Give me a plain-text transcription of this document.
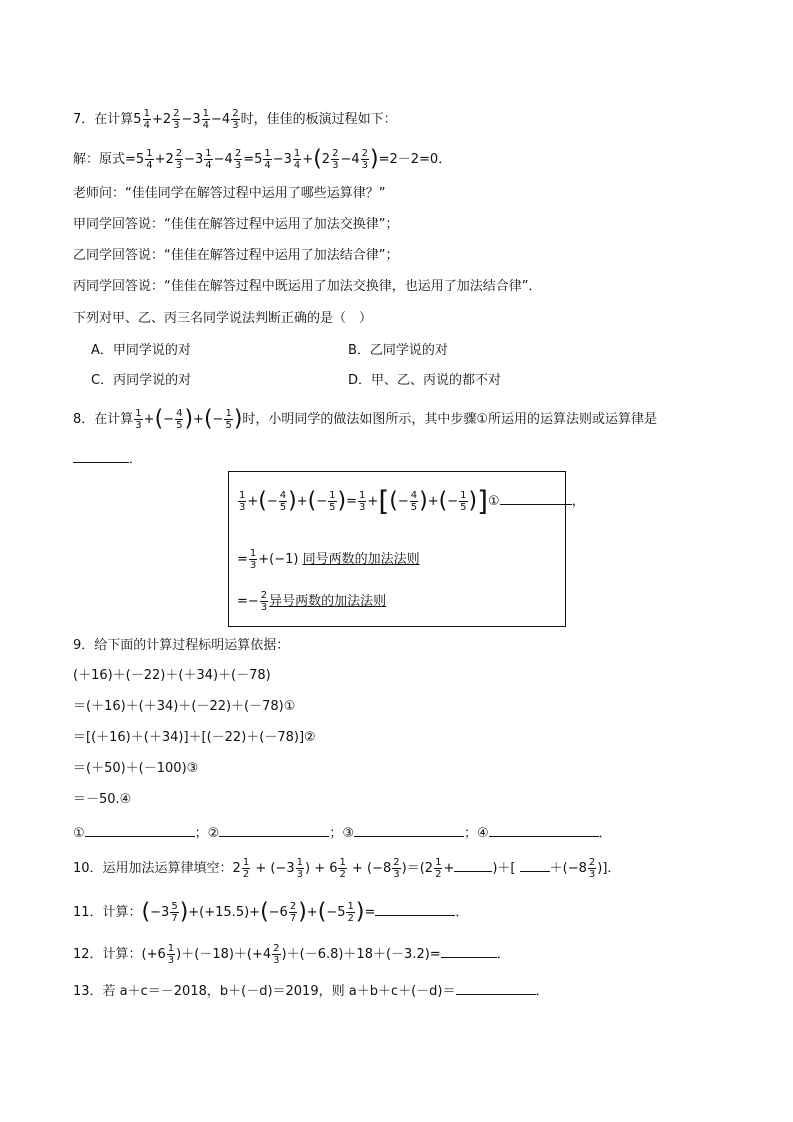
7．在计算$5 \frac{1}{4} +2 \frac{2}{3} -3 \frac{1}{4} -4 \frac{2}{3}$ 时，佳佳的板演过程如下：
解：原式$=5 \frac{1}{4} +2 \frac{2}{3} -3 \frac{1}{4} -4 \frac{2}{3} =5 \frac{1}{4} -3 \frac{1}{4} +(2 \frac{2}{3} -4 \frac{2}{3} )=2-2=0$．
老师问：“佳佳同学在解答过程中运用了哪些运算律？”
甲同学回答说：“佳佳在解答过程中运用了加法交换律”；
乙同学回答说：“佳佳在解答过程中运用了加法结合律”；
丙同学回答说：“佳佳在解答过程中既运用了加法交换律，也运用了加法结合律”．
下列对甲、乙、丙三名同学说法判断正确的是（　）
A．甲同学说的对	B．乙同学说的对
C．丙同学说的对	D．甲、乙、丙说的都不对
8．在计算 $\frac{1}{3}$ +(− $\frac{4}{5}$ )+(− $\frac{1}{5}$ )时，小明同学的做法如图所示，其中步骤①所运用的运算法则或运算律是
．
$\frac{1}{3}$ +(− $\frac{4}{5}$ )+(− $\frac{1}{5}$ )= $\frac{1}{3}$ +[(− $\frac{4}{5}$ )+(− $\frac{1}{5}$ )]①	，
= $\frac{1}{3} +(-1)$ 同号两数的加法法则
=− $\frac{2}{3}$ 异号两数的加法法则
9．给下面的计算过程标明运算依据：
(＋16)＋(－22)＋(＋34)＋(－78)
＝(＋16)＋(＋34)＋(－22)＋(－78)①
＝[(＋16)＋(＋34)]＋[(－22)＋(－78)]②
＝(＋50)＋(－100)③
＝－50.④
①	；②	；③	；④	．
10．运用加法运算律填空：$2 \frac{1}{2} + (-3 \frac{1}{3}$ ) + $6 \frac{1}{2} + (-8 \frac{2}{3} )=(2 \frac{1}{2}$ +	)＋[ $+(-8 \frac{2}{3}$ )]．
11．计算：$(-3 \frac{5}{7} )+(+15.5)+(-6 \frac{2}{7} )+(-5 \frac{1}{2}$ )=	．
12．计算：$(+6 \frac{1}{3} )+(-18)+(+4 \frac{2}{3} )+(-6.8)+18+(-3.2)=$	．
13．若 a＋c＝－2018，b＋(－d)＝2019，则 a＋b＋c＋(－d)＝	．
